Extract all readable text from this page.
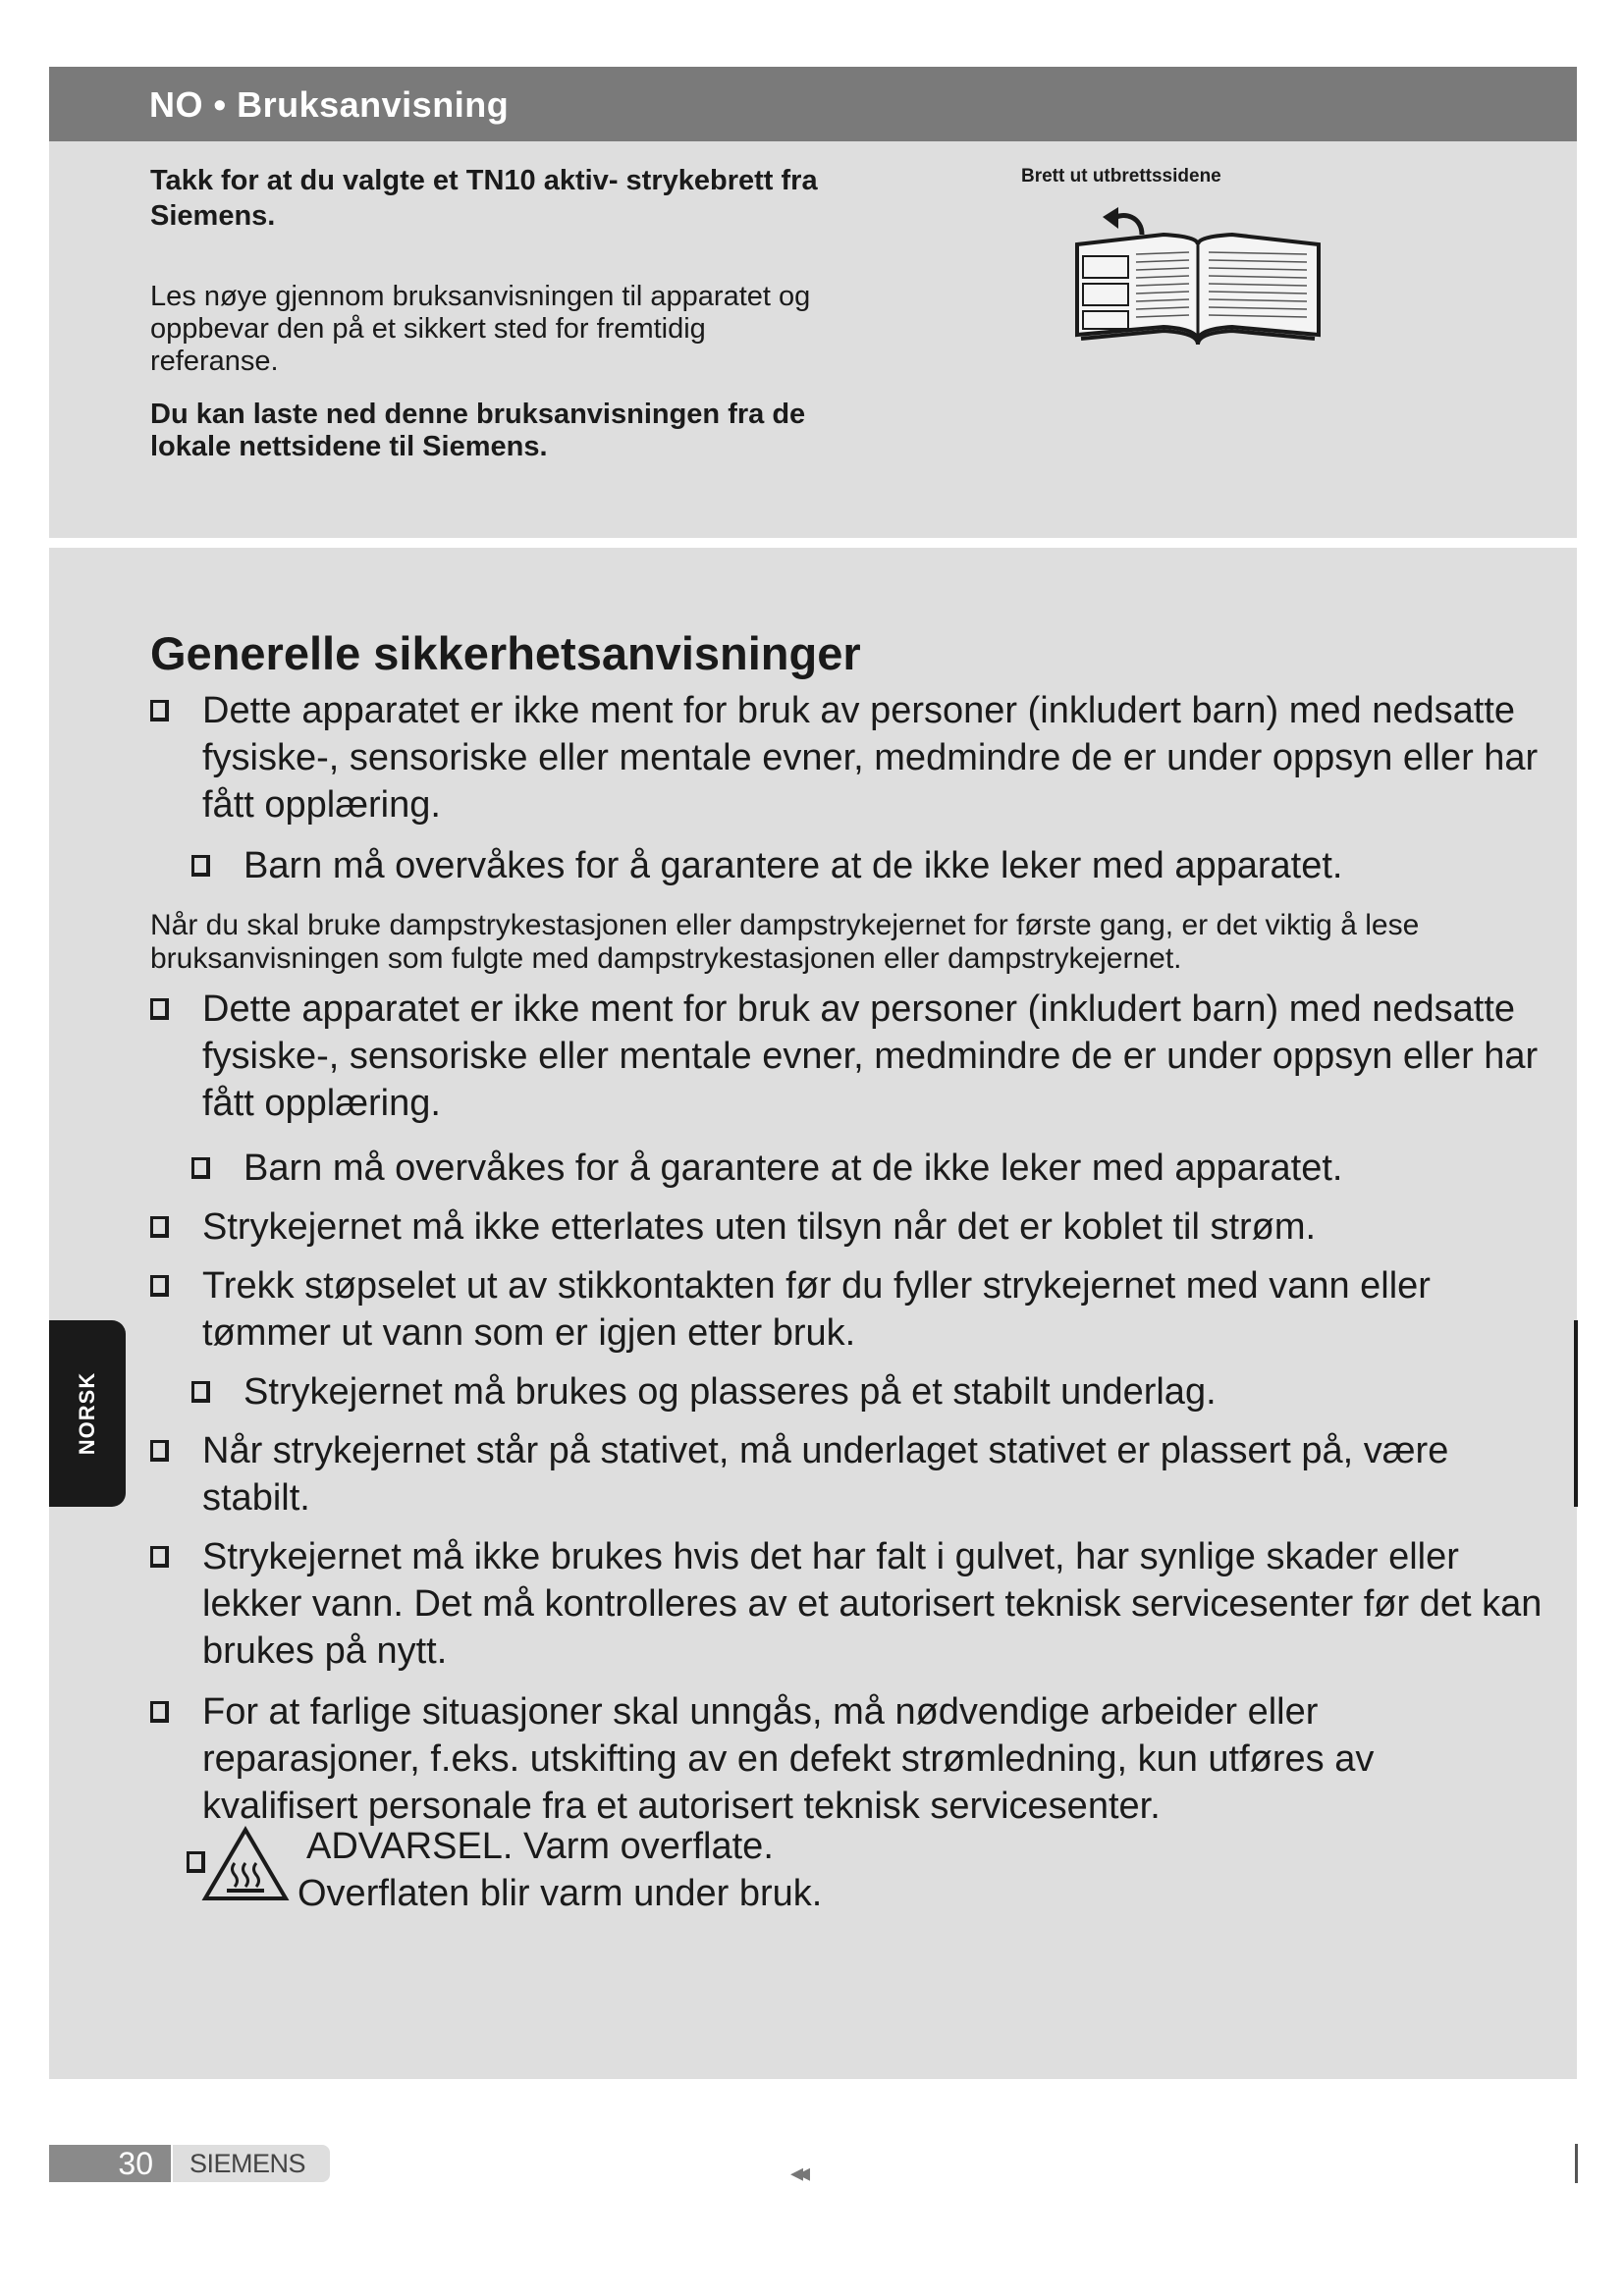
NO • Bruksanvisning
Takk for at du valgte et TN10 aktiv- strykebrett fra Siemens.
Les nøye gjennom bruksanvisningen til apparatet og oppbevar den på et sikkert sted for fremtidig referanse.
Du kan laste ned denne bruksanvisningen fra de lokale nettsidene til Siemens.
Brett ut utbrettssidene
Generelle sikkerhetsanvisninger
Dette apparatet er ikke ment for bruk av personer (inkludert barn) med nedsatte fysiske-, sensoriske eller mentale evner, medmindre de er under oppsyn eller har fått opplæring.
Barn må overvåkes for å garantere at de ikke leker med apparatet.
Når du skal bruke dampstrykestasjonen eller dampstrykejernet for første gang, er det viktig å lese bruksanvisningen som fulgte med dampstrykestasjonen eller dampstrykejernet.
Dette apparatet er ikke ment for bruk av personer (inkludert barn) med nedsatte fysiske-, sensoriske eller mentale evner, medmindre de er under oppsyn eller har fått opplæring.
Barn må overvåkes for å garantere at de ikke leker med apparatet.
Strykejernet må ikke etterlates uten tilsyn når det er koblet til strøm.
Trekk støpselet ut av stikkontakten før du fyller strykejernet med vann eller tømmer ut vann som er igjen etter bruk.
Strykejernet må brukes og plasseres på et stabilt underlag.
Når strykejernet står på stativet, må underlaget stativet er plassert på, være stabilt.
Strykejernet må ikke brukes hvis det har falt i gulvet, har synlige skader eller lekker vann. Det må kontrolleres av et autorisert teknisk servicesenter før det kan brukes på nytt.
For at farlige situasjoner skal unngås, må nødvendige arbeider eller reparasjoner, f.eks. utskifting av en defekt strømledning, kun utføres av kvalifisert personale fra et autorisert teknisk servicesenter.
ADVARSEL. Varm overflate.
Overflaten blir varm under bruk.
NORSK
30 SIEMENS	◂◂
